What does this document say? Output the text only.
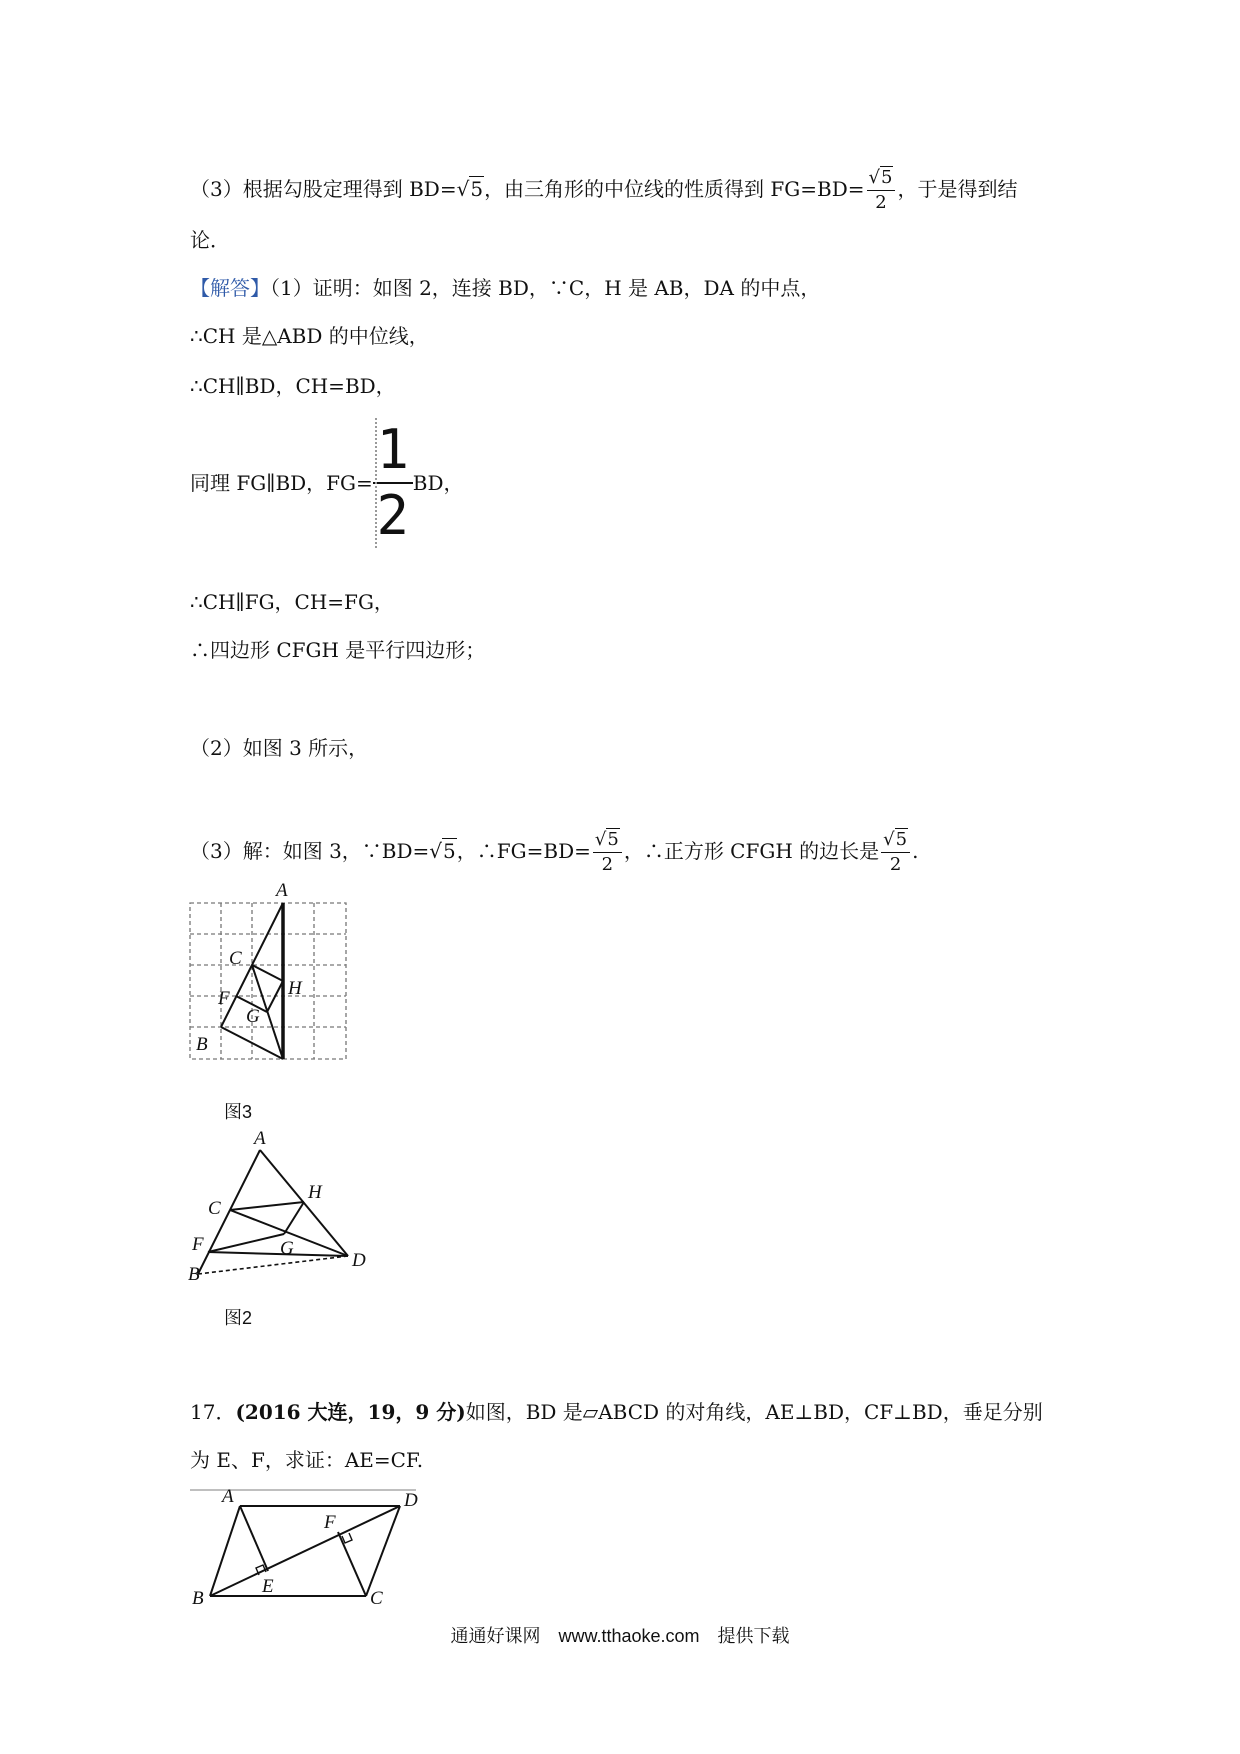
（3）根据勾股定理得到 BD=√5，由三角形的中位线的性质得到 $FG=BD= \frac{√5}{2}$ ，于是得到结
论．
【解答】（1）证明：如图 2，连接 BD，∵C，H 是 AB，DA 的中点，
∴CH 是△ABD 的中位线，
∴CH∥BD，CH=BD，
同理 FG∥BD，$FG= \frac{1}{2}$ BD，
∴CH∥FG，CH=FG，
∴四边形 CFGH 是平行四边形；
（2）如图 3 所示，
（3）解：如图 3，∵BD=√5，∴FG=BD= $\frac{√5}{2}$ ，∴正方形 CFGH 的边长是 $\frac{√5}{2}$ .
A
C
H
F
G
B
图3
A
H
C
F	G
D
B
图2
17．(2016 大连，19，9 分)如图，BD 是▱ABCD 的对角线，AE⊥BD，CF⊥BD，垂足分别
为 E、F，求证：AE=CF.
A	D
F
E
B	C
通通好课网　www.tthaoke.com　提供下载
